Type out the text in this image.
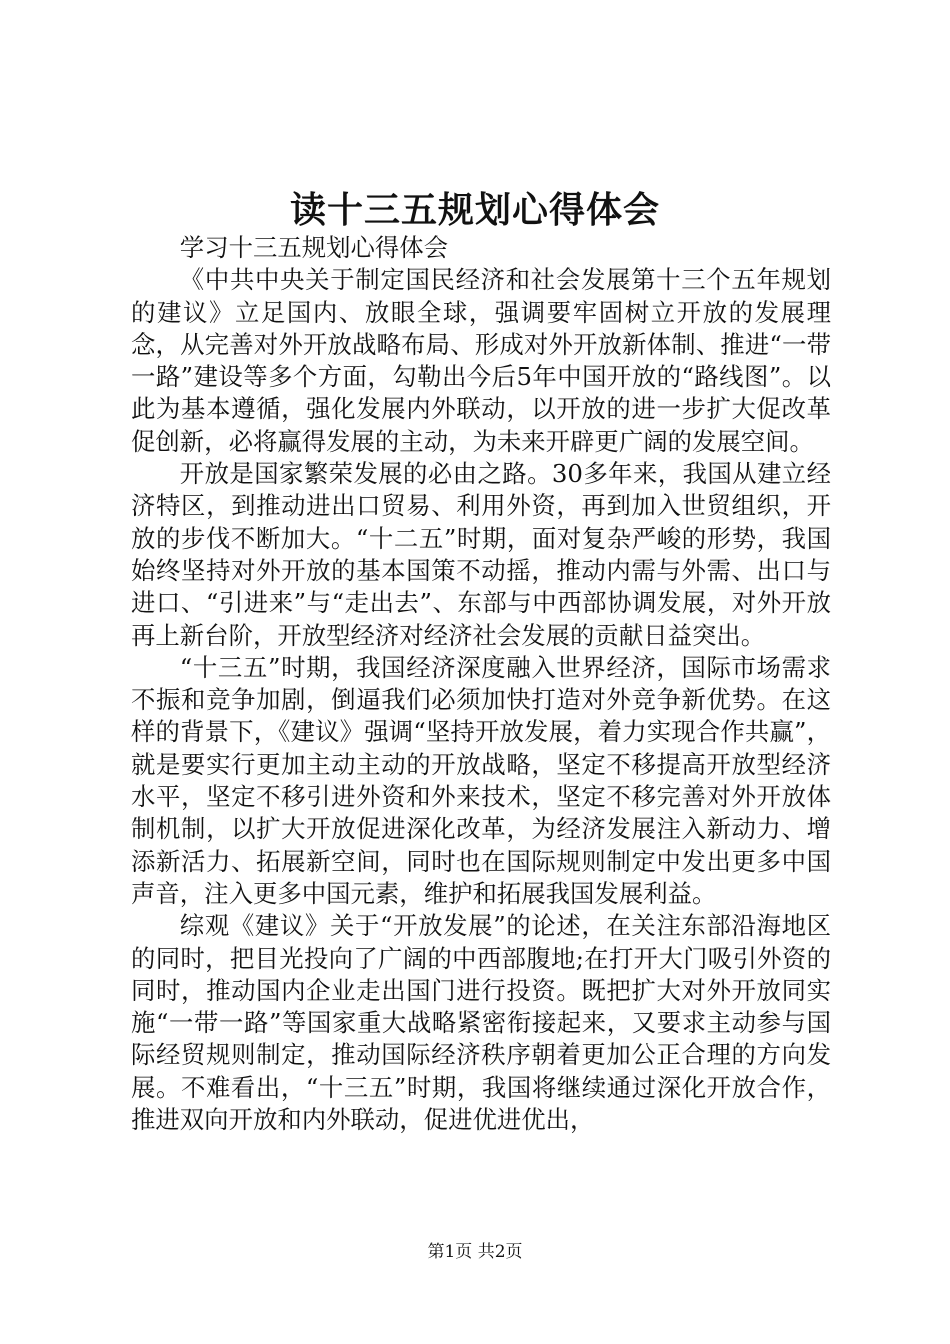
读十三五规划心得体会

学习十三五规划心得体会

《中共中央关于制定国民经济和社会发展第十三个五年规划的建议》立足国内、放眼全球，强调要牢固树立开放的发展理念，从完善对外开放战略布局、形成对外开放新体制、推进“一带一路”建设等多个方面，勾勒出今后5年中国开放的“路线图”。以此为基本遵循，强化发展内外联动，以开放的进一步扩大促改革促创新，必将赢得发展的主动，为未来开辟更广阔的发展空间。

开放是国家繁荣发展的必由之路。30多年来，我国从建立经济特区，到推动进出口贸易、利用外资，再到加入世贸组织，开放的步伐不断加大。“十二五”时期，面对复杂严峻的形势，我国始终坚持对外开放的基本国策不动摇，推动内需与外需、出口与进口、“引进来”与“走出去”、东部与中西部协调发展，对外开放再上新台阶，开放型经济对经济社会发展的贡献日益突出。

“十三五”时期，我国经济深度融入世界经济，国际市场需求不振和竞争加剧，倒逼我们必须加快打造对外竞争新优势。在这样的背景下，《建议》强调“坚持开放发展，着力实现合作共赢”，就是要实行更加主动主动的开放战略，坚定不移提高开放型经济水平，坚定不移引进外资和外来技术，坚定不移完善对外开放体制机制，以扩大开放促进深化改革，为经济发展注入新动力、增添新活力、拓展新空间，同时也在国际规则制定中发出更多中国声音，注入更多中国元素，维护和拓展我国发展利益。

综观《建议》关于“开放发展”的论述，在关注东部沿海地区的同时，把目光投向了广阔的中西部腹地;在打开大门吸引外资的同时，推动国内企业走出国门进行投资。既把扩大对外开放同实施“一带一路”等国家重大战略紧密衔接起来，又要求主动参与国际经贸规则制定，推动国际经济秩序朝着更加公正合理的方向发展。不难看出，“十三五”时期，我国将继续通过深化开放合作，推进双向开放和内外联动，促进优进优出，

第1页 共2页
